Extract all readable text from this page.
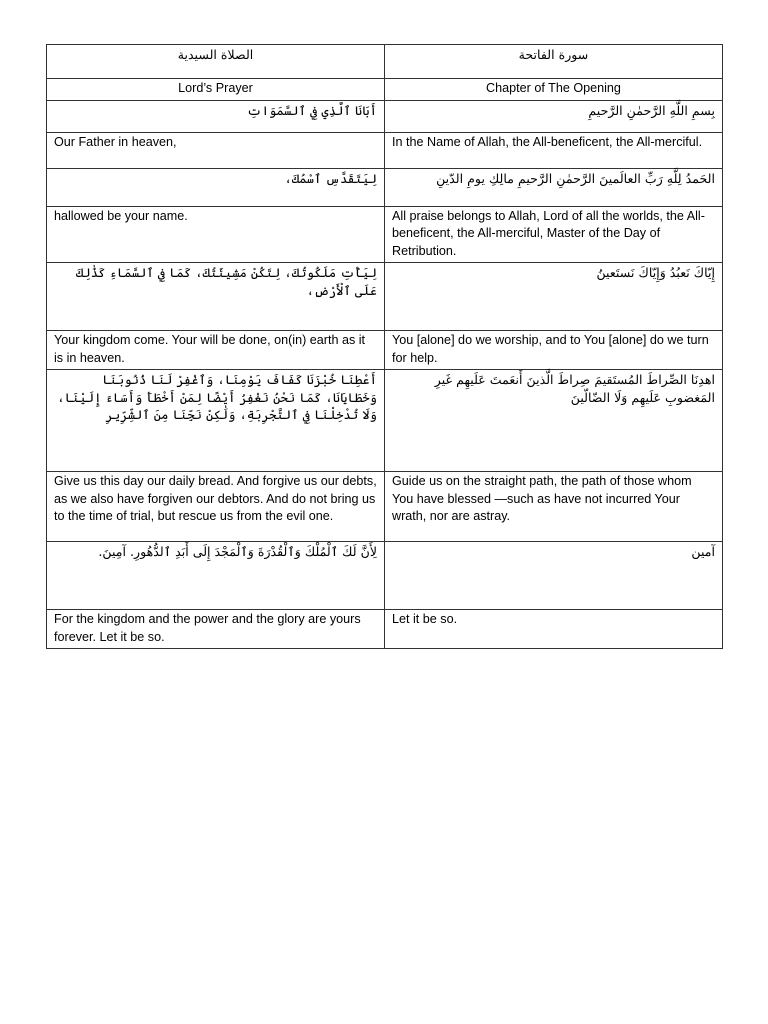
الصلاة السيدية	سورة الفاتحة
Lord’s Prayer	Chapter of The Opening
أَبَانَا ٱلَّذِي فِي ٱلسَّمَوَاتِ	بِسمِ اللَّهِ الرَّحمٰنِ الرَّحيمِ
Our Father in heaven,	In the Name of Allah, the All-beneficent, the All-merciful.
لِيَتَقَدَّسِ ٱسْمُكَ،	الحَمدُ لِلَّهِ رَبِّ العالَمينَ الرَّحمٰنِ الرَّحيمِ مالِكِ يومِ الدّينِ
hallowed be your name.	All praise belongs to Allah, Lord of all the worlds, the All-beneficent, the All-merciful, Master of the Day of Retribution.
لِيَأْتِ مَلَكُوتُكَ، لِتَكُنْ مَشِيئَتُكَ، كَمَا فِي ٱلسَّمَاءِ كَذَٰلِكَ عَلَى ٱلْأَرْضِ،	إِيّاكَ نَعبُدُ وَإِيّاكَ نَستَعينُ
Your kingdom come. Your will be done, on(in) earth as it is in heaven.	You [alone] do we worship, and to You [alone] do we turn for help.
أَعْطِنَا خُبْزَنَا كَفَافَ يَوْمِنَا، وَٱغْفِرْ لَنَا ذُنُوبَنَا وَخَطَايَانَا، كَمَا نَحْنُ نَغْفِرُ أَيْضًا لِمَنْ أَخْطَأَ وَأَسَاءَ إِلَيْنَا، وَلَا تُدْخِلْنَا فِي ٱلتَّجْرِبَةِ، وَلَٰكِنْ نَجِّنَا مِنَ ٱلشِّرِّيرِ	اهدِنَا الصِّراطَ المُستَقيمَ صِراطَ الَّذينَ أَنعَمتَ عَلَيهِم غَيرِ المَغضوبِ عَلَيهِم وَلَا الضّالّينَ
Give us this day our daily bread. And forgive us our debts, as we also have forgiven our debtors. And do not bring us to the time of trial, but rescue us from the evil one.	Guide us on the straight path, the path of those whom You have blessed —such as have not incurred Your wrath, nor are astray.
لِأَنَّ لَكَ ٱلْمُلْكَ وَٱلْقُدْرَةَ وَٱلْمَجْدَ إِلَى أَبَدِ ٱلدُّهُورِ. آمِينَ.	آمين
For the kingdom and the power and the glory are yours forever. Let it be so.	Let it be so.
